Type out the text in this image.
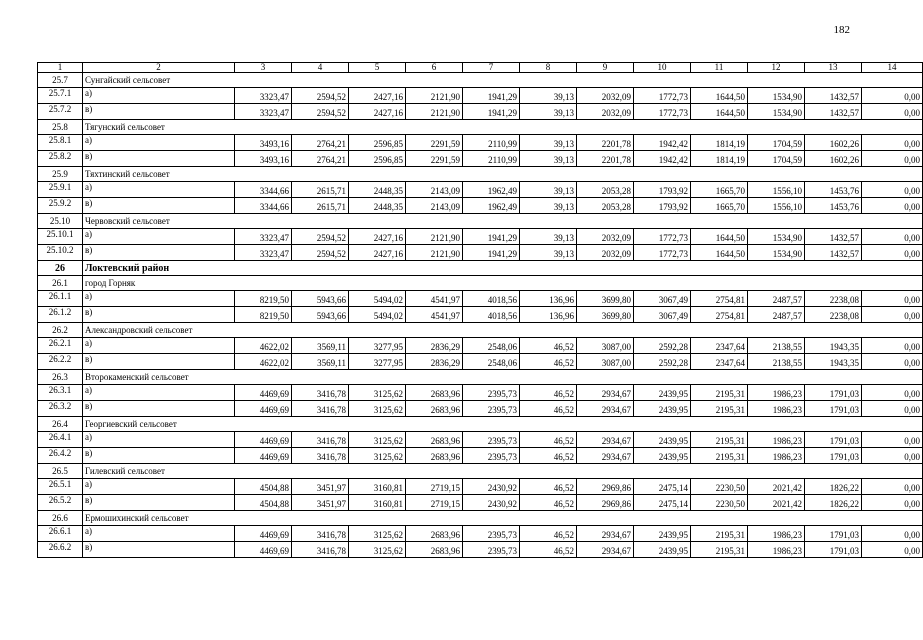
182
1	2	3	4	5	6	7	8	9	10	11	12	13	14
25.7	Сунгайский сельсовет												
25.7.1	а)	3323,47	2594,52	2427,16	2121,90	1941,29	39,13	2032,09	1772,73	1644,50	1534,90	1432,57	0,00
25.7.2	в)	3323,47	2594,52	2427,16	2121,90	1941,29	39,13	2032,09	1772,73	1644,50	1534,90	1432,57	0,00
25.8	Тягунский сельсовет												
25.8.1	а)	3493,16	2764,21	2596,85	2291,59	2110,99	39,13	2201,78	1942,42	1814,19	1704,59	1602,26	0,00
25.8.2	в)	3493,16	2764,21	2596,85	2291,59	2110,99	39,13	2201,78	1942,42	1814,19	1704,59	1602,26	0,00
25.9	Тяхтинский сельсовет												
25.9.1	а)	3344,66	2615,71	2448,35	2143,09	1962,49	39,13	2053,28	1793,92	1665,70	1556,10	1453,76	0,00
25.9.2	в)	3344,66	2615,71	2448,35	2143,09	1962,49	39,13	2053,28	1793,92	1665,70	1556,10	1453,76	0,00
25.10	Червовский сельсовет												
25.10.1	а)	3323,47	2594,52	2427,16	2121,90	1941,29	39,13	2032,09	1772,73	1644,50	1534,90	1432,57	0,00
25.10.2	в)	3323,47	2594,52	2427,16	2121,90	1941,29	39,13	2032,09	1772,73	1644,50	1534,90	1432,57	0,00
26	Локтевский район												
26.1	город Горняк												
26.1.1	а)	8219,50	5943,66	5494,02	4541,97	4018,56	136,96	3699,80	3067,49	2754,81	2487,57	2238,08	0,00
26.1.2	в)	8219,50	5943,66	5494,02	4541,97	4018,56	136,96	3699,80	3067,49	2754,81	2487,57	2238,08	0,00
26.2	Александровский сельсовет												
26.2.1	а)	4622,02	3569,11	3277,95	2836,29	2548,06	46,52	3087,00	2592,28	2347,64	2138,55	1943,35	0,00
26.2.2	в)	4622,02	3569,11	3277,95	2836,29	2548,06	46,52	3087,00	2592,28	2347,64	2138,55	1943,35	0,00
26.3	Второкаменский сельсовет												
26.3.1	а)	4469,69	3416,78	3125,62	2683,96	2395,73	46,52	2934,67	2439,95	2195,31	1986,23	1791,03	0,00
26.3.2	в)	4469,69	3416,78	3125,62	2683,96	2395,73	46,52	2934,67	2439,95	2195,31	1986,23	1791,03	0,00
26.4	Георгиевский сельсовет												
26.4.1	а)	4469,69	3416,78	3125,62	2683,96	2395,73	46,52	2934,67	2439,95	2195,31	1986,23	1791,03	0,00
26.4.2	в)	4469,69	3416,78	3125,62	2683,96	2395,73	46,52	2934,67	2439,95	2195,31	1986,23	1791,03	0,00
26.5	Гилевский сельсовет												
26.5.1	а)	4504,88	3451,97	3160,81	2719,15	2430,92	46,52	2969,86	2475,14	2230,50	2021,42	1826,22	0,00
26.5.2	в)	4504,88	3451,97	3160,81	2719,15	2430,92	46,52	2969,86	2475,14	2230,50	2021,42	1826,22	0,00
26.6	Ермошихинский сельсовет												
26.6.1	а)	4469,69	3416,78	3125,62	2683,96	2395,73	46,52	2934,67	2439,95	2195,31	1986,23	1791,03	0,00
26.6.2	в)	4469,69	3416,78	3125,62	2683,96	2395,73	46,52	2934,67	2439,95	2195,31	1986,23	1791,03	0,00
